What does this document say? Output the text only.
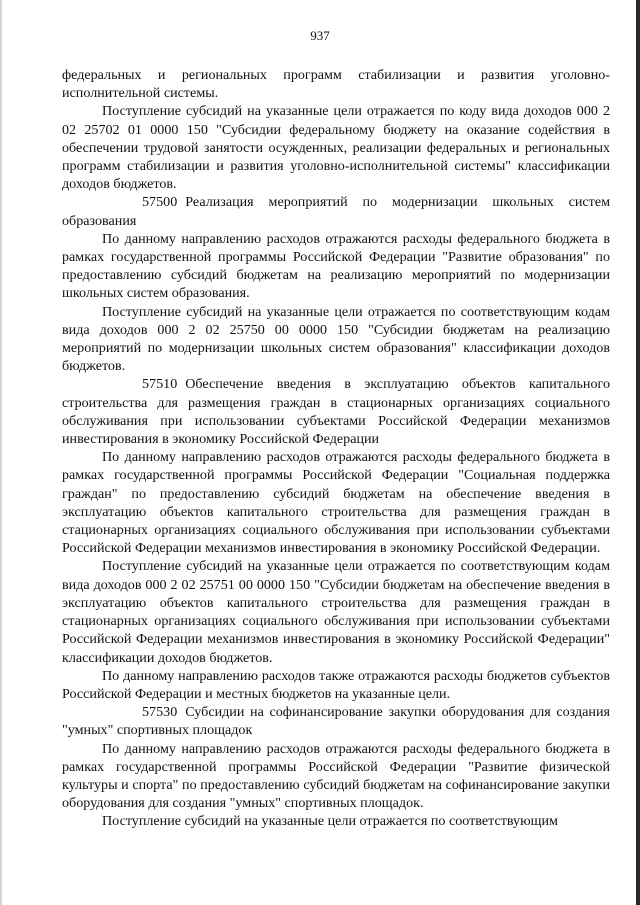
937

федеральных и региональных программ стабилизации и развития уголовно-исполнительной системы.

Поступление субсидий на указанные цели отражается по коду вида доходов 000 2 02 25702 01 0000 150 "Субсидии федеральному бюджету на оказание содействия в обеспечении трудовой занятости осужденных, реализации федеральных и региональных программ стабилизации и развития уголовно-исполнительной системы" классификации доходов бюджетов.

57500 Реализация мероприятий по модернизации школьных систем образования

По данному направлению расходов отражаются расходы федерального бюджета в рамках государственной программы Российской Федерации "Развитие образования" по предоставлению субсидий бюджетам на реализацию мероприятий по модернизации школьных систем образования.

Поступление субсидий на указанные цели отражается по соответствующим кодам вида доходов 000 2 02 25750 00 0000 150 "Субсидии бюджетам на реализацию мероприятий по модернизации школьных систем образования" классификации доходов бюджетов.

57510 Обеспечение введения в эксплуатацию объектов капитального строительства для размещения граждан в стационарных организациях социального обслуживания при использовании субъектами Российской Федерации механизмов инвестирования в экономику Российской Федерации

По данному направлению расходов отражаются расходы федерального бюджета в рамках государственной программы Российской Федерации "Социальная поддержка граждан" по предоставлению субсидий бюджетам на обеспечение введения в эксплуатацию объектов капитального строительства для размещения граждан в стационарных организациях социального обслуживания при использовании субъектами Российской Федерации механизмов инвестирования в экономику Российской Федерации.

Поступление субсидий на указанные цели отражается по соответствующим кодам вида доходов 000 2 02 25751 00 0000 150 "Субсидии бюджетам на обеспечение введения в эксплуатацию объектов капитального строительства для размещения граждан в стационарных организациях социального обслуживания при использовании субъектами Российской Федерации механизмов инвестирования в экономику Российской Федерации" классификации доходов бюджетов.

По данному направлению расходов также отражаются расходы бюджетов субъектов Российской Федерации и местных бюджетов на указанные цели.

57530 Субсидии на софинансирование закупки оборудования для создания "умных" спортивных площадок

По данному направлению расходов отражаются расходы федерального бюджета в рамках государственной программы Российской Федерации "Развитие физической культуры и спорта" по предоставлению субсидий бюджетам на софинансирование закупки оборудования для создания "умных" спортивных площадок.

Поступление субсидий на указанные цели отражается по соответствующим
